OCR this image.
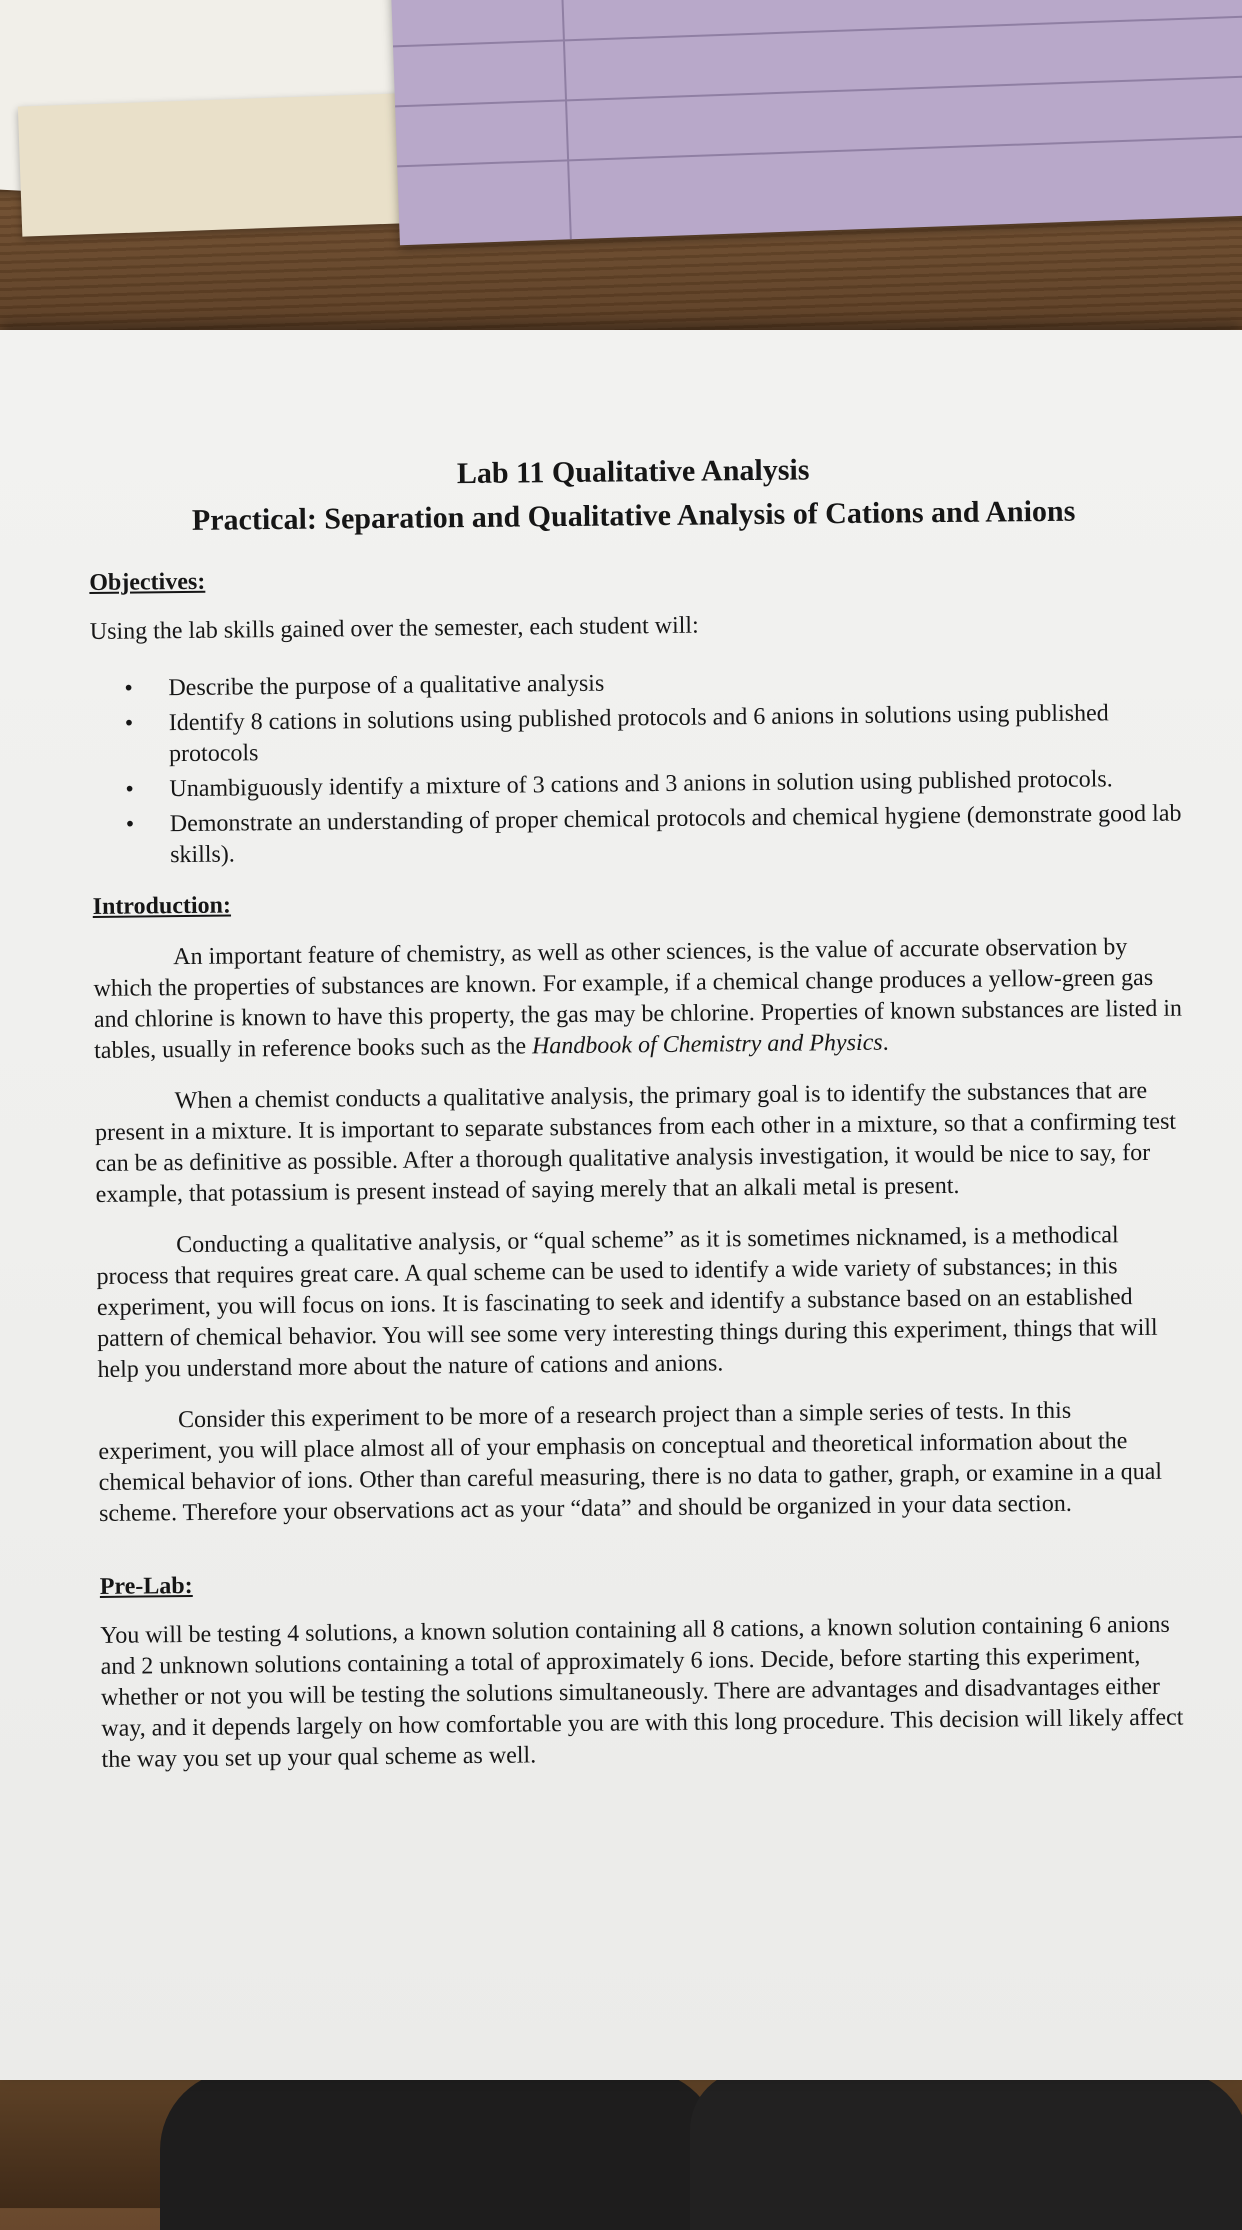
Lab 11 Qualitative Analysis
Practical: Separation and Qualitative Analysis of Cations and Anions
Objectives:
Using the lab skills gained over the semester, each student will:
• Describe the purpose of a qualitative analysis
• Identify 8 cations in solutions using published protocols and 6 anions in solutions using published protocols
• Unambiguously identify a mixture of 3 cations and 3 anions in solution using published protocols.
• Demonstrate an understanding of proper chemical protocols and chemical hygiene (demonstrate good lab skills).
Introduction:
An important feature of chemistry, as well as other sciences, is the value of accurate observation by which the properties of substances are known. For example, if a chemical change produces a yellow-green gas and chlorine is known to have this property, the gas may be chlorine. Properties of known substances are listed in tables, usually in reference books such as the Handbook of Chemistry and Physics.
When a chemist conducts a qualitative analysis, the primary goal is to identify the substances that are present in a mixture. It is important to separate substances from each other in a mixture, so that a confirming test can be as definitive as possible. After a thorough qualitative analysis investigation, it would be nice to say, for example, that potassium is present instead of saying merely that an alkali metal is present.
Conducting a qualitative analysis, or “qual scheme” as it is sometimes nicknamed, is a methodical process that requires great care. A qual scheme can be used to identify a wide variety of substances; in this experiment, you will focus on ions. It is fascinating to seek and identify a substance based on an established pattern of chemical behavior. You will see some very interesting things during this experiment, things that will help you understand more about the nature of cations and anions.
Consider this experiment to be more of a research project than a simple series of tests. In this experiment, you will place almost all of your emphasis on conceptual and theoretical information about the chemical behavior of ions. Other than careful measuring, there is no data to gather, graph, or examine in a qual scheme. Therefore your observations act as your “data” and should be organized in your data section.
Pre-Lab:
You will be testing 4 solutions, a known solution containing all 8 cations, a known solution containing 6 anions and 2 unknown solutions containing a total of approximately 6 ions. Decide, before starting this experiment, whether or not you will be testing the solutions simultaneously. There are advantages and disadvantages either way, and it depends largely on how comfortable you are with this long procedure. This decision will likely affect the way you set up your qual scheme as well.
